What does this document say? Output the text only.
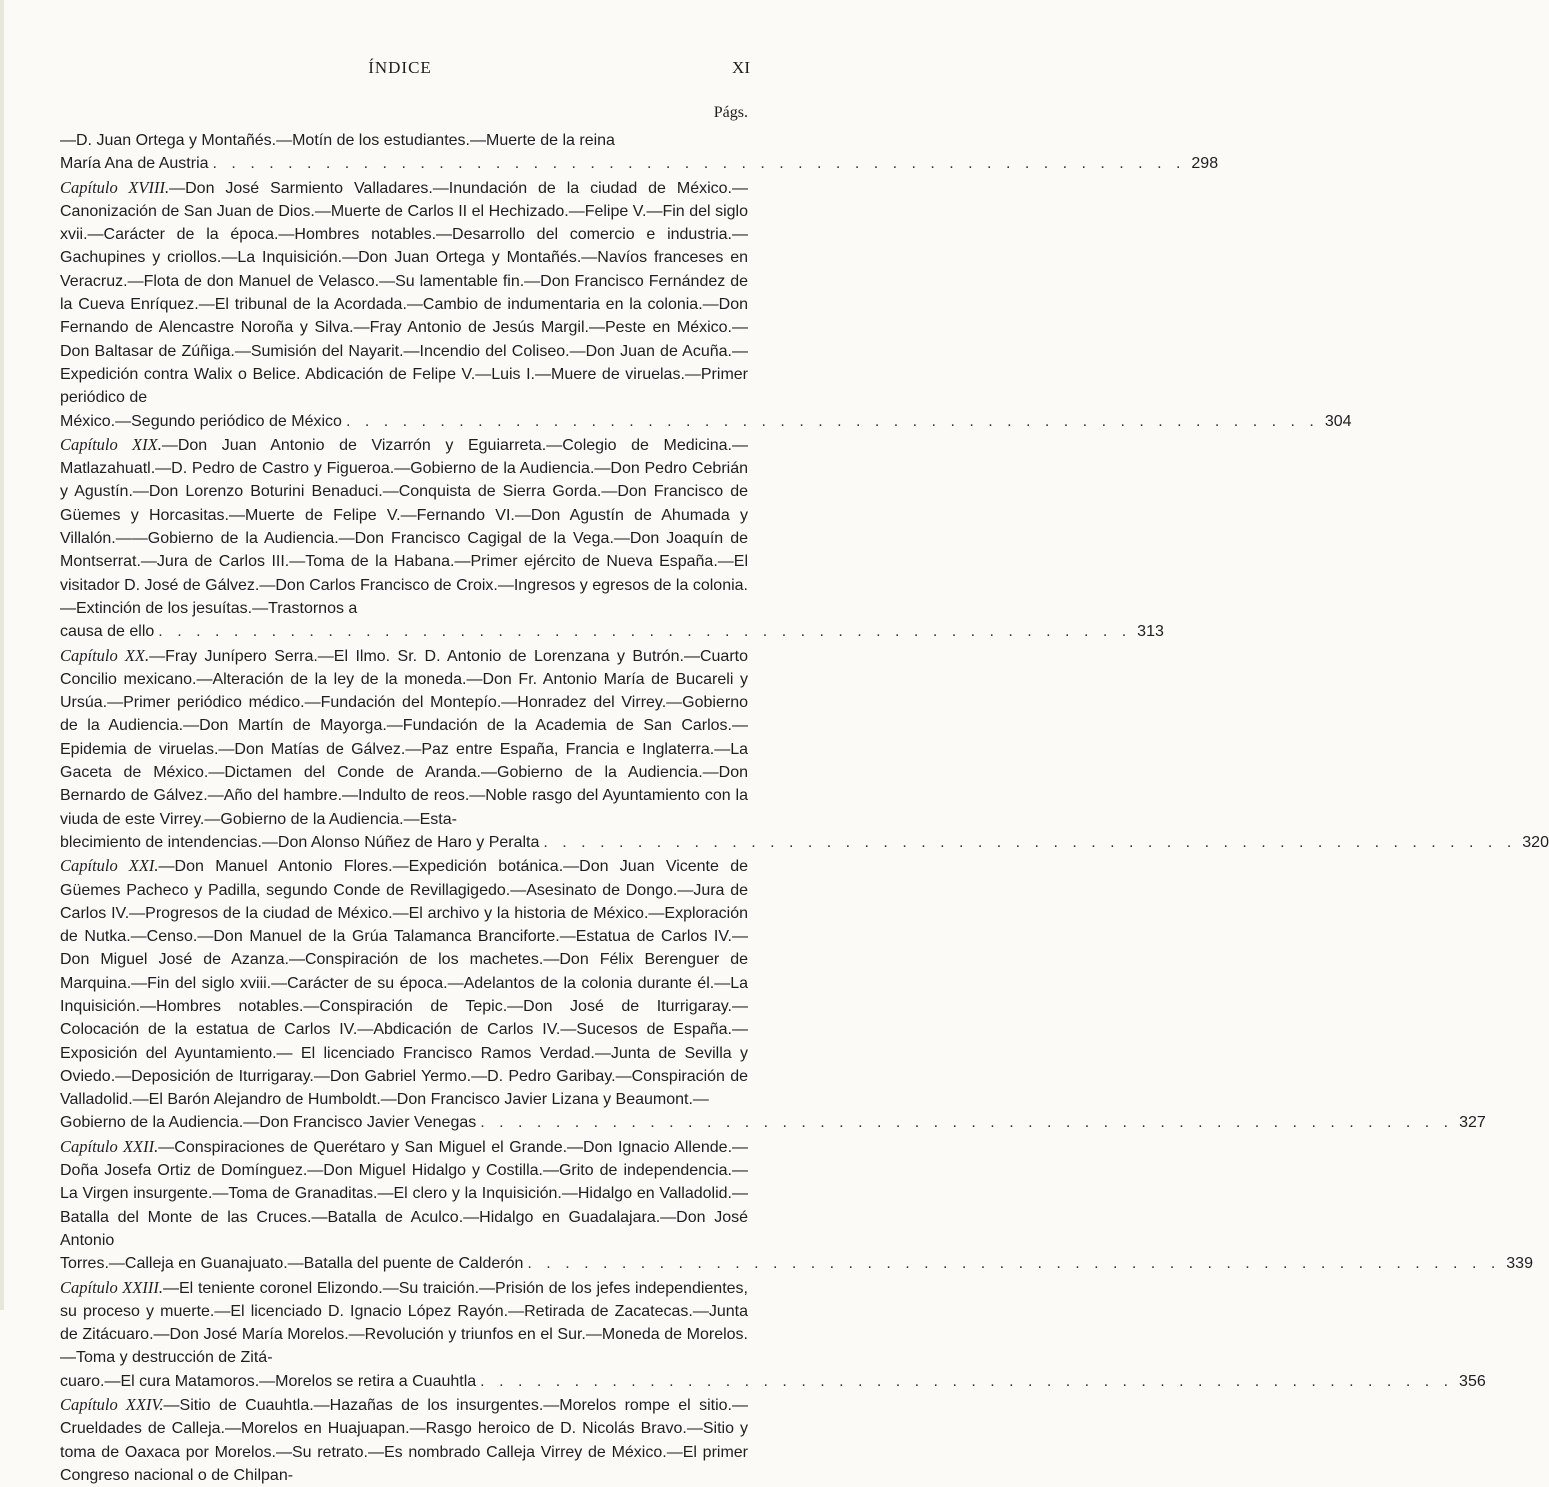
ÍNDICE	XI
Págs.
—D. Juan Ortega y Montañés.—Motín de los estudiantes.—Muerte de la reina
María Ana de Austria . . . . . . . . . . . . . . . . . . . . . . . . . . . . . . . . . . . . . . . . . . . . . . . . . . . . 298
Capítulo XVIII.—Don José Sarmiento Valladares.—Inundación de la ciudad de México.—Canonización de San Juan de Dios.—Muerte de Carlos II el Hechizado.—Felipe V.—Fin del siglo xvii.—Carácter de la época.—Hombres notables.—Desarrollo del comercio e industria.—Gachupines y criollos.—La Inquisición.—Don Juan Ortega y Montañés.—Navíos franceses en Veracruz.—Flota de don Manuel de Velasco.—Su lamentable fin.—Don Francisco Fernández de la Cueva Enríquez.—El tribunal de la Acordada.—Cambio de indumentaria en la colonia.—Don Fernando de Alencastre Noroña y Silva.—Fray Antonio de Jesús Margil.—Peste en México.—Don Baltasar de Zúñiga.—Sumisión del Nayarit.—Incendio del Coliseo.—Don Juan de Acuña.—Expedición contra Walix o Belice. Abdicación de Felipe V.—Luis I.—Muere de viruelas.—Primer periódico de
México.—Segundo periódico de México . . . . . . . . . . . . . . . . . . . . . . . . . . . . . . . . . . . . . . . . . . . . . . . . . . . . 304
Capítulo XIX.—Don Juan Antonio de Vizarrón y Eguiarreta.—Colegio de Medicina.—Matlazahuatl.—D. Pedro de Castro y Figueroa.—Gobierno de la Audiencia.—Don Pedro Cebrián y Agustín.—Don Lorenzo Boturini Benaduci.—Conquista de Sierra Gorda.—Don Francisco de Güemes y Horcasitas.—Muerte de Felipe V.—Fernando VI.—Don Agustín de Ahumada y Villalón.——Gobierno de la Audiencia.—Don Francisco Cagigal de la Vega.—Don Joaquín de Montserrat.—Jura de Carlos III.—Toma de la Habana.—Primer ejército de Nueva España.—El visitador D. José de Gálvez.—Don Carlos Francisco de Croix.—Ingresos y egresos de la colonia.—Extinción de los jesuítas.—Trastornos a
causa de ello . . . . . . . . . . . . . . . . . . . . . . . . . . . . . . . . . . . . . . . . . . . . . . . . . . . . 313
Capítulo XX.—Fray Junípero Serra.—El Ilmo. Sr. D. Antonio de Lorenzana y Butrón.—Cuarto Concilio mexicano.—Alteración de la ley de la moneda.—Don Fr. Antonio María de Bucareli y Ursúa.—Primer periódico médico.—Fundación del Montepío.—Honradez del Virrey.—Gobierno de la Audiencia.—Don Martín de Mayorga.—Fundación de la Academia de San Carlos.—Epidemia de viruelas.—Don Matías de Gálvez.—Paz entre España, Francia e Inglaterra.—La Gaceta de México.—Dictamen del Conde de Aranda.—Gobierno de la Audiencia.—Don Bernardo de Gálvez.—Año del hambre.—Indulto de reos.—Noble rasgo del Ayuntamiento con la viuda de este Virrey.—Gobierno de la Audiencia.—Esta-
blecimiento de intendencias.—Don Alonso Núñez de Haro y Peralta . . . . . . . . . . . . . . . . . . . . . . . . . . . . . . . . . . . . . . . . . . . . . . . . . . . . 320
Capítulo XXI.—Don Manuel Antonio Flores.—Expedición botánica.—Don Juan Vicente de Güemes Pacheco y Padilla, segundo Conde de Revillagigedo.—Asesinato de Dongo.—Jura de Carlos IV.—Progresos de la ciudad de México.—El archivo y la historia de México.—Exploración de Nutka.—Censo.—Don Manuel de la Grúa Talamanca Branciforte.—Estatua de Carlos IV.—Don Miguel José de Azanza.—Conspiración de los machetes.—Don Félix Berenguer de Marquina.—Fin del siglo xviii.—Carácter de su época.—Adelantos de la colonia durante él.—La Inquisición.—Hombres notables.—Conspiración de Tepic.—Don José de Iturrigaray.—Colocación de la estatua de Carlos IV.—Abdicación de Carlos IV.—Sucesos de España.— Exposición del Ayuntamiento.— El licenciado Francisco Ramos Verdad.—Junta de Sevilla y Oviedo.—Deposición de Iturrigaray.—Don Gabriel Yermo.—D. Pedro Garibay.—Conspiración de Valladolid.—El Barón Alejandro de Humboldt.—Don Francisco Javier Lizana y Beaumont.—
Gobierno de la Audiencia.—Don Francisco Javier Venegas . . . . . . . . . . . . . . . . . . . . . . . . . . . . . . . . . . . . . . . . . . . . . . . . . . . . 327
Capítulo XXII.—Conspiraciones de Querétaro y San Miguel el Grande.—Don Ignacio Allende.—Doña Josefa Ortiz de Domínguez.—Don Miguel Hidalgo y Costilla.—Grito de independencia.—La Virgen insurgente.—Toma de Granaditas.—El clero y la Inquisición.—Hidalgo en Valladolid.—Batalla del Monte de las Cruces.—Batalla de Aculco.—Hidalgo en Guadalajara.—Don José Antonio
Torres.—Calleja en Guanajuato.—Batalla del puente de Calderón . . . . . . . . . . . . . . . . . . . . . . . . . . . . . . . . . . . . . . . . . . . . . . . . . . . . 339
Capítulo XXIII.—El teniente coronel Elizondo.—Su traición.—Prisión de los jefes independientes, su proceso y muerte.—El licenciado D. Ignacio López Rayón.—Retirada de Zacatecas.—Junta de Zitácuaro.—Don José María Morelos.—Revolución y triunfos en el Sur.—Moneda de Morelos.—Toma y destrucción de Zitá-
cuaro.—El cura Matamoros.—Morelos se retira a Cuauhtla . . . . . . . . . . . . . . . . . . . . . . . . . . . . . . . . . . . . . . . . . . . . . . . . . . . . 356
Capítulo XXIV.—Sitio de Cuauhtla.—Hazañas de los insurgentes.—Morelos rompe el sitio.—Crueldades de Calleja.—Morelos en Huajuapan.—Rasgo heroico de D. Nicolás Bravo.—Sitio y toma de Oaxaca por Morelos.—Su retrato.—Es nombrado Calleja Virrey de México.—El primer Congreso nacional o de Chilpan-
